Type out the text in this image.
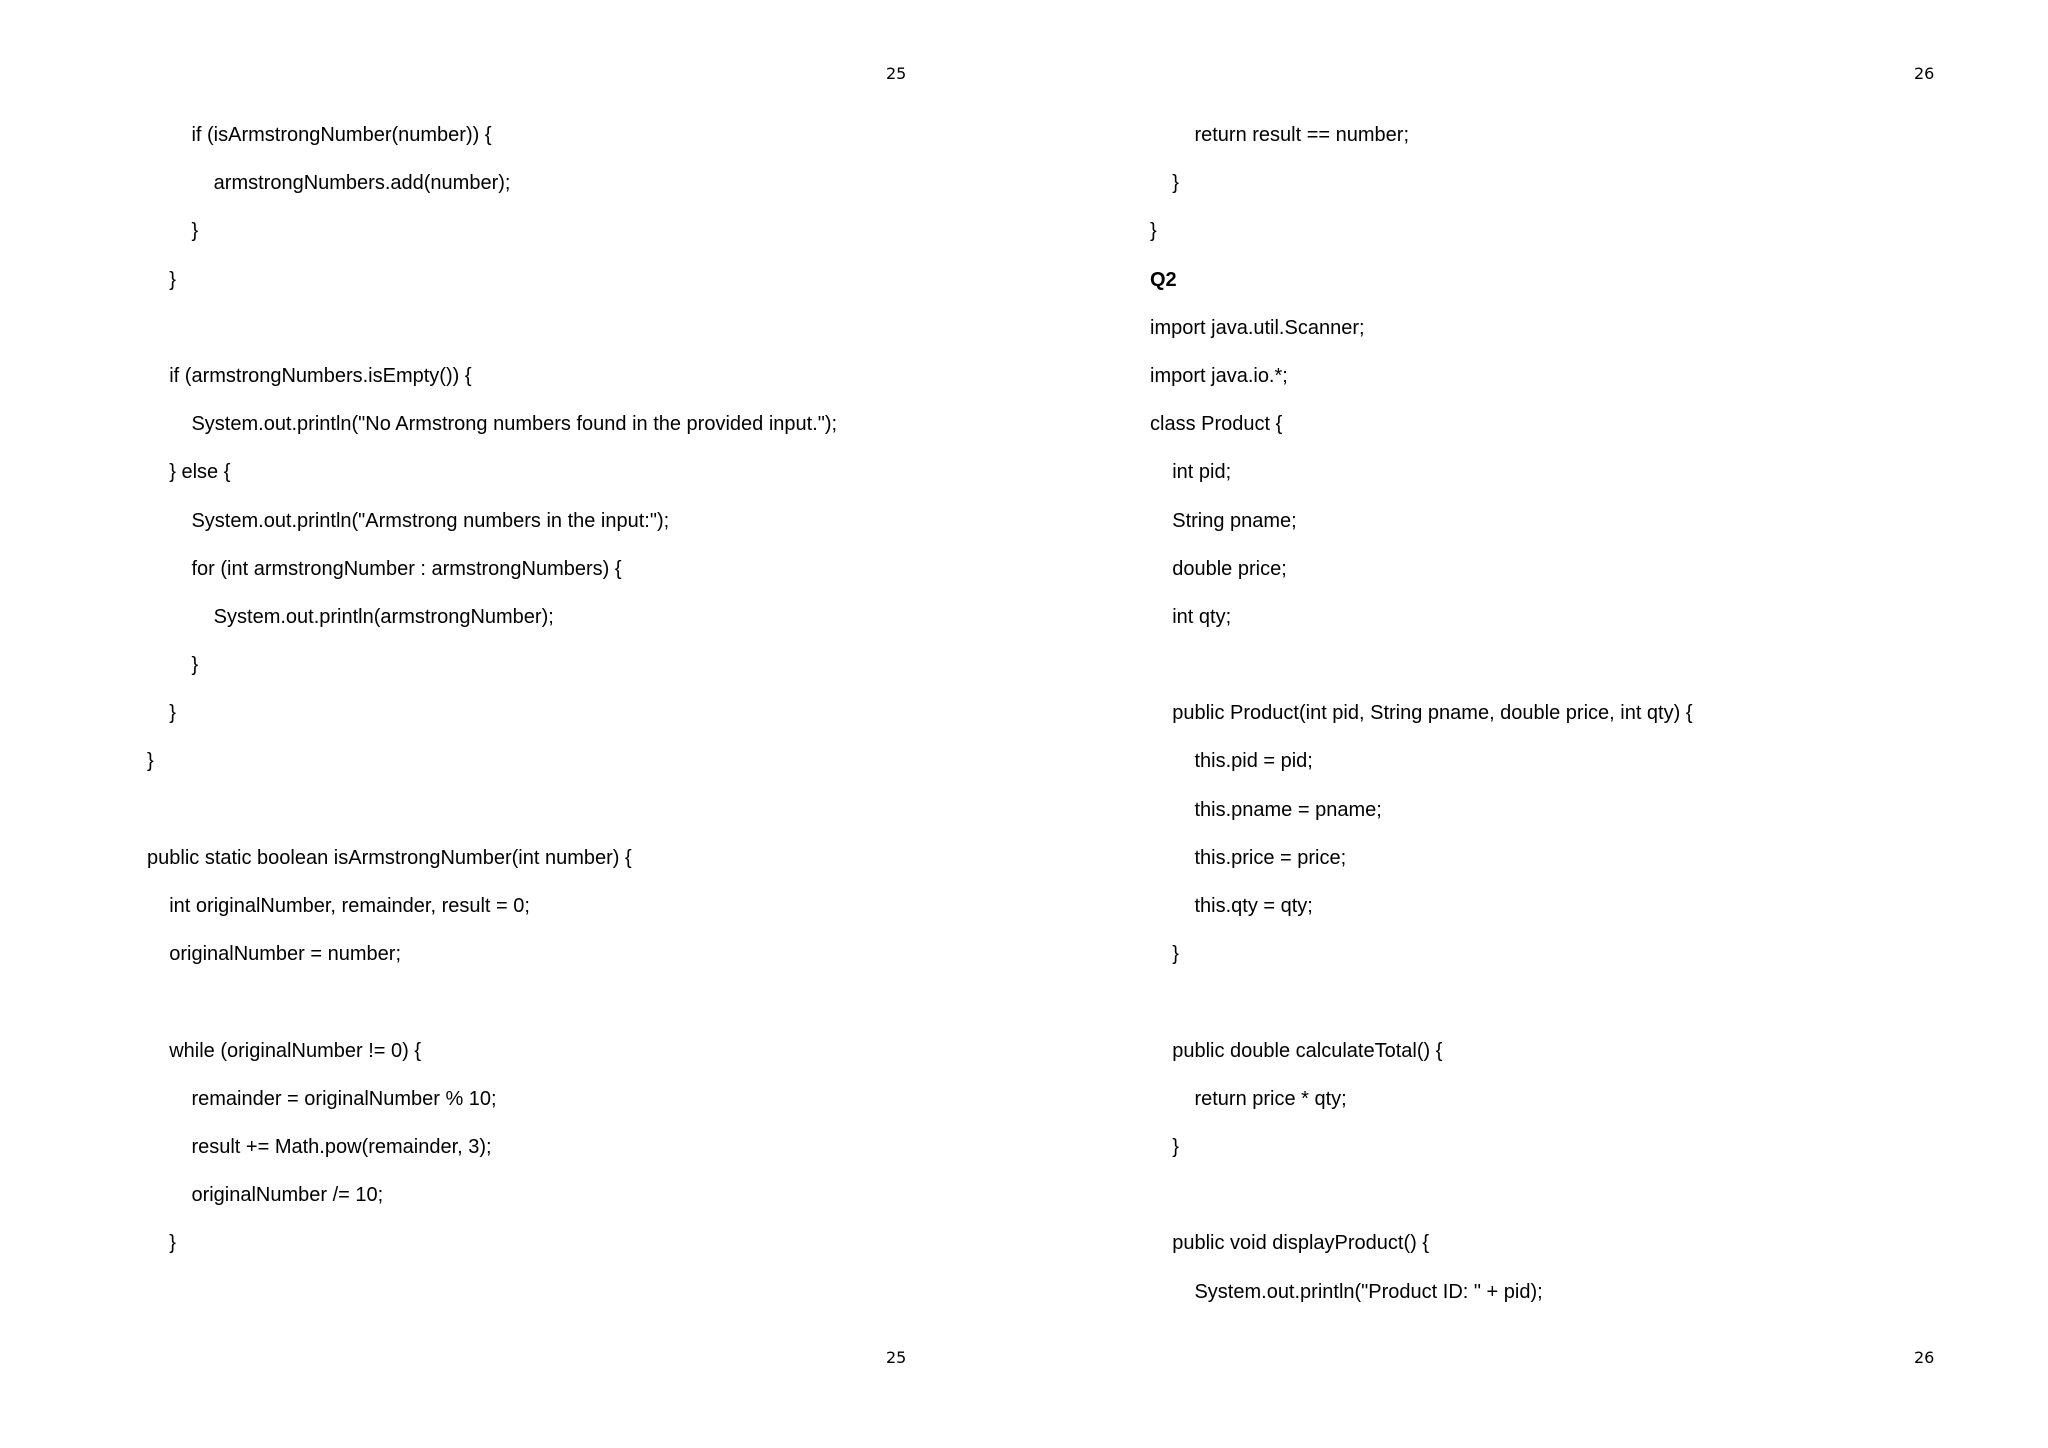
25
if (isArmstrongNumber(number)) {
armstrongNumbers.add(number);
}
}
if (armstrongNumbers.isEmpty()) {
System.out.println("No Armstrong numbers found in the provided input.");
} else {
System.out.println("Armstrong numbers in the input:");
for (int armstrongNumber : armstrongNumbers) {
System.out.println(armstrongNumber);
}
}
}
public static boolean isArmstrongNumber(int number) {
int originalNumber, remainder, result = 0;
originalNumber = number;
while (originalNumber != 0) {
remainder = originalNumber % 10;
result += Math.pow(remainder, 3);
originalNumber /= 10;
}
25
26
return result == number;
}
}
Q2
import java.util.Scanner;
import java.io.*;
class Product {
int pid;
String pname;
double price;
int qty;
public Product(int pid, String pname, double price, int qty) {
this.pid = pid;
this.pname = pname;
this.price = price;
this.qty = qty;
}
public double calculateTotal() {
return price * qty;
}
public void displayProduct() {
System.out.println("Product ID: " + pid);
26
